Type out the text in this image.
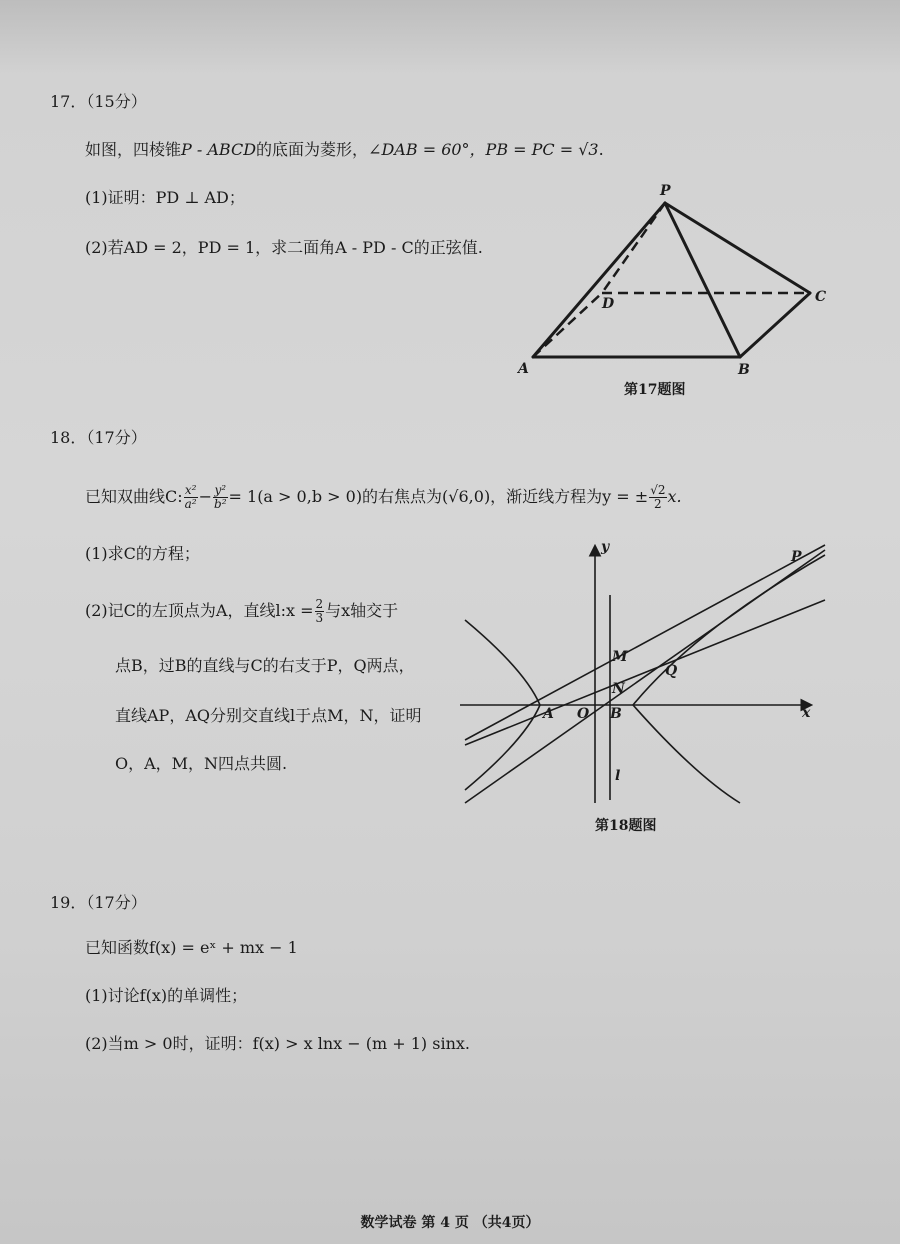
17．（15分）
如图，四棱锥P - ABCD的底面为菱形，∠DAB = 60°，PB = PC = √3.
(1)证明：PD ⊥ AD；
(2)若AD = 2，PD = 1，求二面角A - PD - C的正弦值.
P
D	C
A	B
第17题图
18．（17分）
已知双曲线C: $\frac{\text{x²}}{\text{a²}} - \frac{\text{y²}}{\text{b²}} = 1(a > 0,b > 0)$的右焦点为(√6,0)，渐近线方程为y = ± $\frac{√2}{2} x$.
(1)求C的方程；
(2)记C的左顶点为A，直线l:x = $\frac{2}{3}$ 与x轴交于
点B，过B的直线与C的右支于P，Q两点，
直线AP，AQ分别交直线l于点M，N，证明
O，A，M，N四点共圆.
y
x
P
M
Q
N
A O B
l
第18题图
19．（17分）
已知函数f(x) = eˣ + mx − 1
(1)讨论f(x)的单调性；
(2)当m > 0时，证明：f(x) > x lnx − (m + 1) sinx.
数学试卷 第 4 页 （共4页）
